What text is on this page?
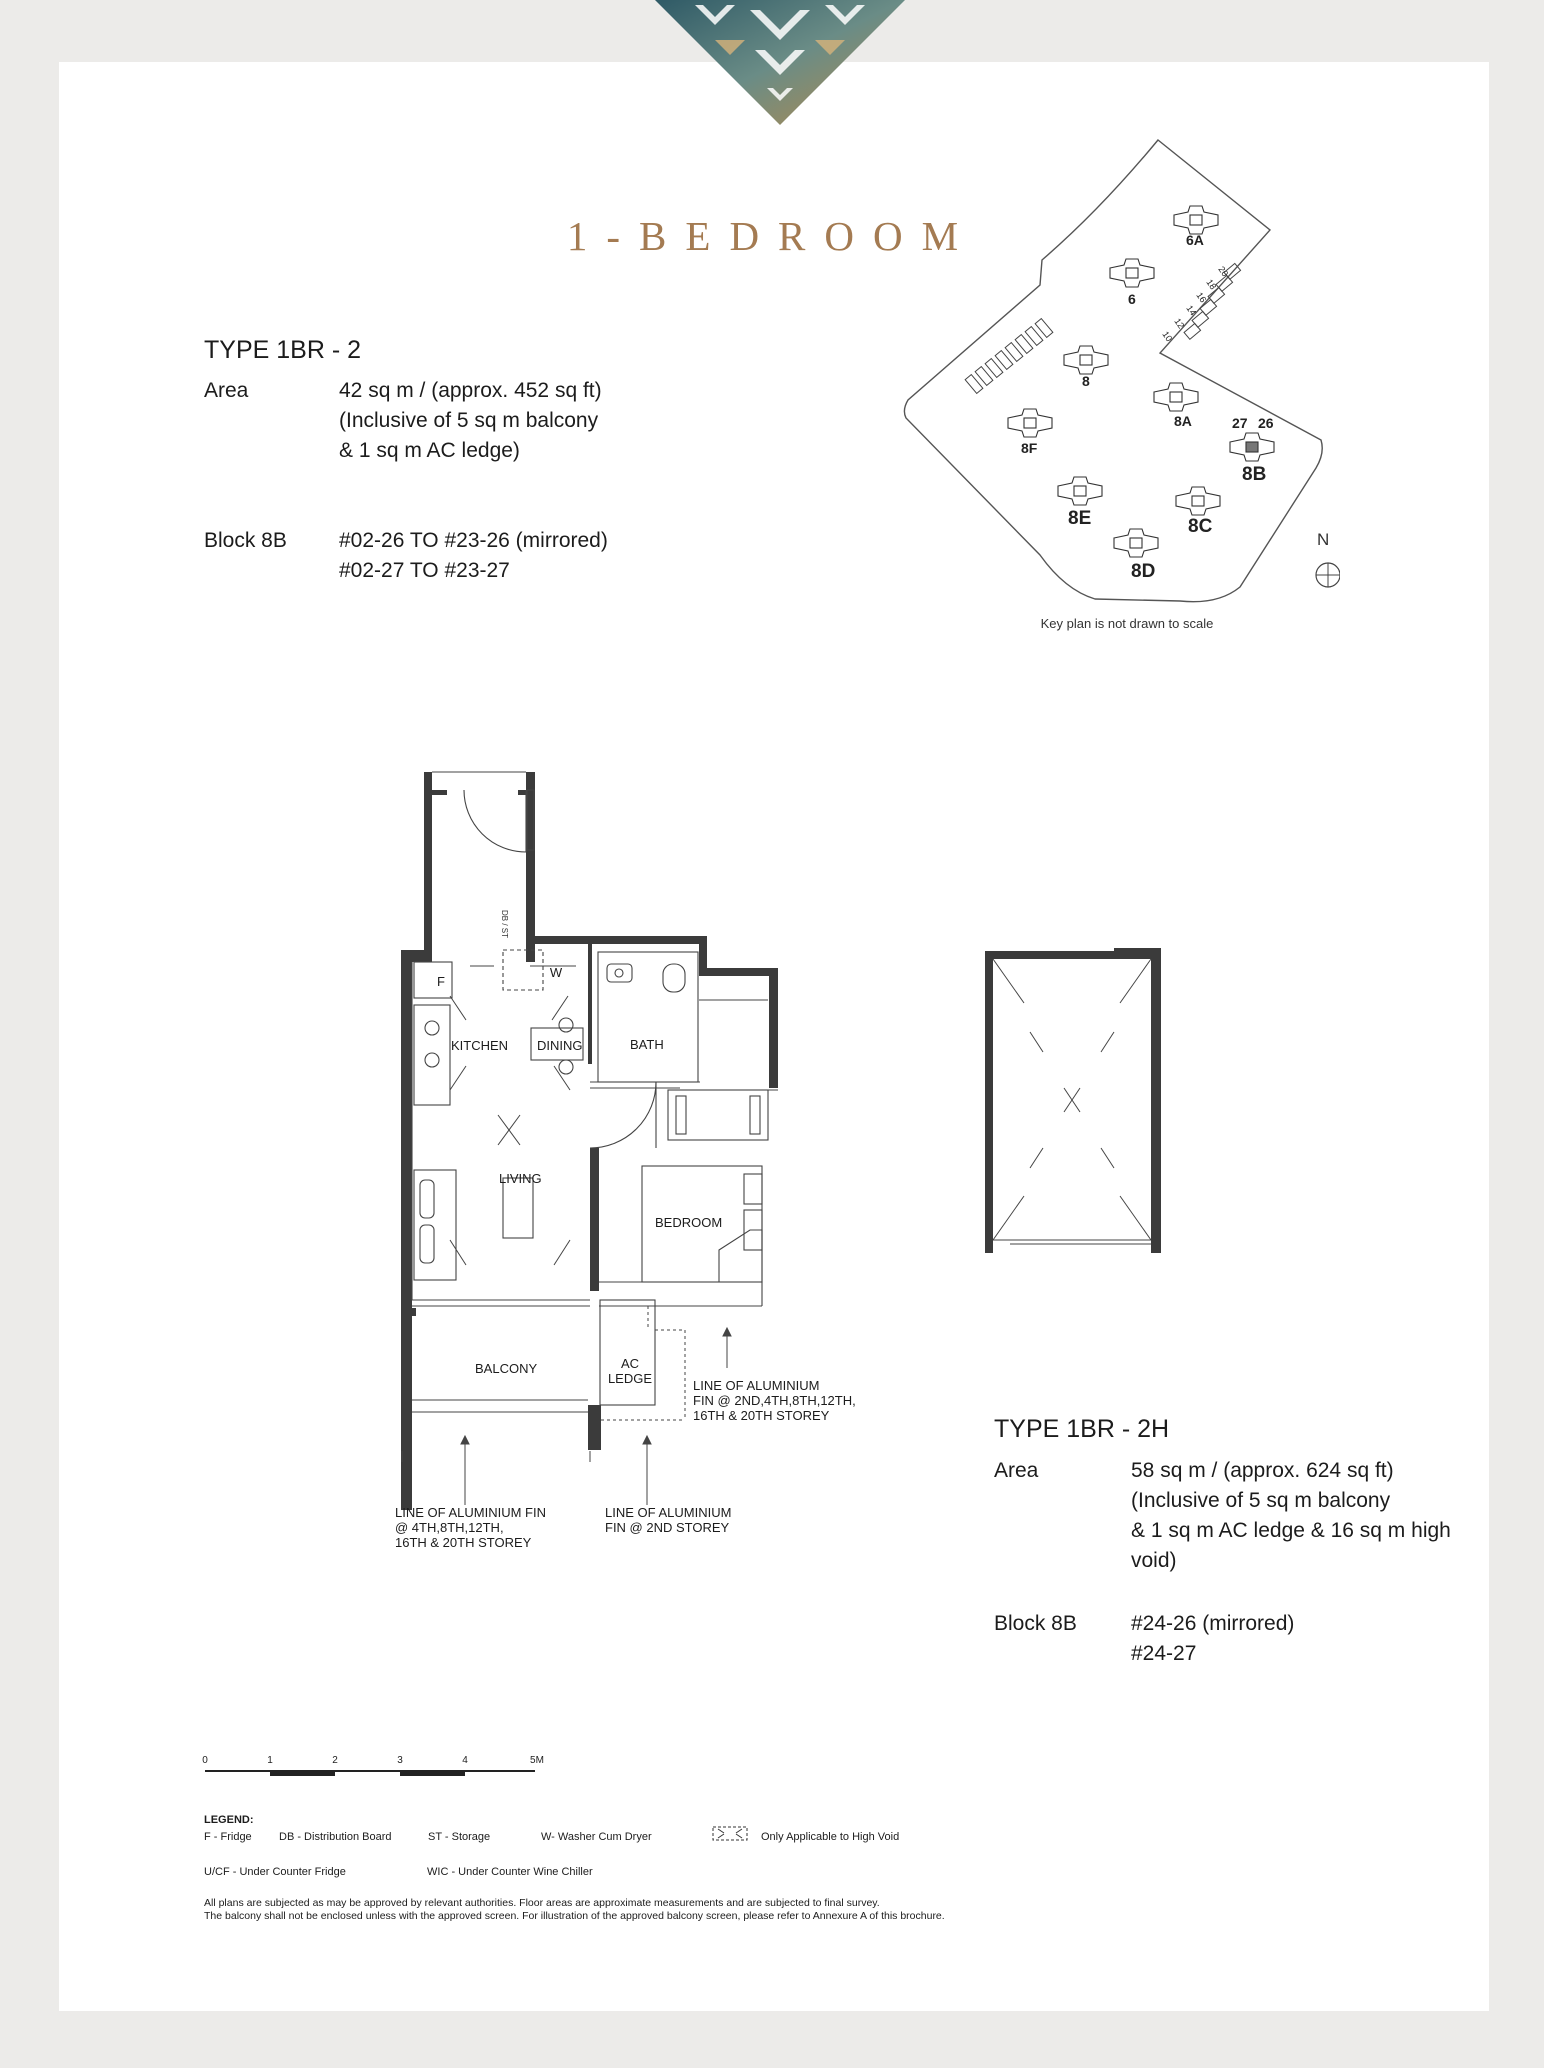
1-BEDROOM
TYPE 1BR - 2
Area	42 sq m / (approx. 452 sq ft)
(Inclusive of 5 sq m balcony
& 1 sq m AC ledge)
Block 8B #02-26 TO #23-26 (mirrored)
#02-27 TO #23-27
20
18
16
14
12
10
6A
6
8
8A
8B
8C
8D
8E
8F
27 26
N
Key plan is not drawn to scale
F
W
KITCHEN DINING	BATH
LIVING
BEDROOM
BALCONY	AC
LEDGE
DB / ST
LINE OF ALUMINIUM
FIN @ 2ND,4TH,8TH,12TH,
16TH & 20TH STOREY
LINE OF ALUMINIUM FIN
@ 4TH,8TH,12TH,
16TH & 20TH STOREY
LINE OF ALUMINIUM
FIN @ 2ND STOREY
TYPE 1BR - 2H
Area	58 sq m / (approx. 624 sq ft)
(Inclusive of 5 sq m balcony
& 1 sq m AC ledge & 16 sq m high
void)
Block 8B	#24-26 (mirrored)
#24-27
0	1	2	3	4	5M
LEGEND:
F - Fridge DB - Distribution Board	ST - Storage	W- Washer Cum Dryer	Only Applicable to High Void
U/CF - Under Counter Fridge	WIC - Under Counter Wine Chiller
All plans are subjected as may be approved by relevant authorities. Floor areas are approximate measurements and are subjected to final survey.
The balcony shall not be enclosed unless with the approved screen. For illustration of the approved balcony screen, please refer to Annexure A of this brochure.
